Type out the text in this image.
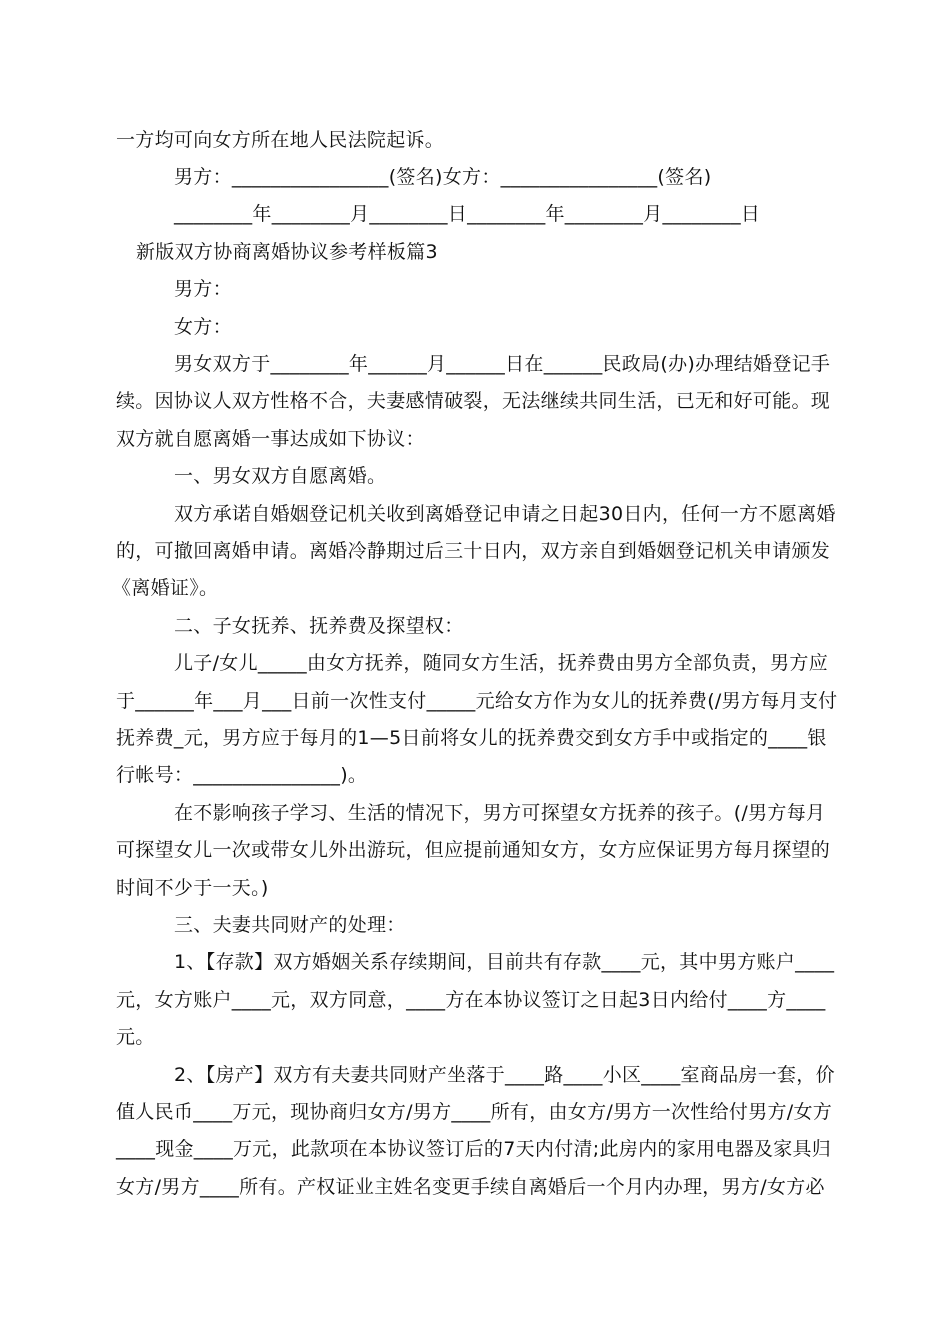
一方均可向女方所在地人民法院起诉。

男方：________________(签名)女方：________________(签名)

________年________月________日________年________月________日

新版双方协商离婚协议参考样板篇3

男方：

女方：

男女双方于________年______月______日在______民政局(办)办理结婚登记手

续。因协议人双方性格不合，夫妻感情破裂，无法继续共同生活，已无和好可能。现

双方就自愿离婚一事达成如下协议：

一、男女双方自愿离婚。

双方承诺自婚姻登记机关收到离婚登记申请之日起30日内，任何一方不愿离婚

的，可撤回离婚申请。离婚冷静期过后三十日内，双方亲自到婚姻登记机关申请颁发

《离婚证》。

二、子女抚养、抚养费及探望权：

儿子/女儿_____由女方抚养，随同女方生活，抚养费由男方全部负责，男方应

于______年___月___日前一次性支付_____元给女方作为女儿的抚养费(/男方每月支付

抚养费_元，男方应于每月的1—5日前将女儿的抚养费交到女方手中或指定的____银

行帐号：_______________)。

在不影响孩子学习、生活的情况下，男方可探望女方抚养的孩子。(/男方每月

可探望女儿一次或带女儿外出游玩，但应提前通知女方，女方应保证男方每月探望的

时间不少于一天。)

三、夫妻共同财产的处理：

1、【存款】双方婚姻关系存续期间，目前共有存款____元，其中男方账户____

元，女方账户____元，双方同意，____方在本协议签订之日起3日内给付____方____

元。

2、【房产】双方有夫妻共同财产坐落于____路____小区____室商品房一套，价

值人民币____万元，现协商归女方/男方____所有，由女方/男方一次性给付男方/女方

____现金____万元，此款项在本协议签订后的7天内付清;此房内的家用电器及家具归

女方/男方____所有。产权证业主姓名变更手续自离婚后一个月内办理，男方/女方必
